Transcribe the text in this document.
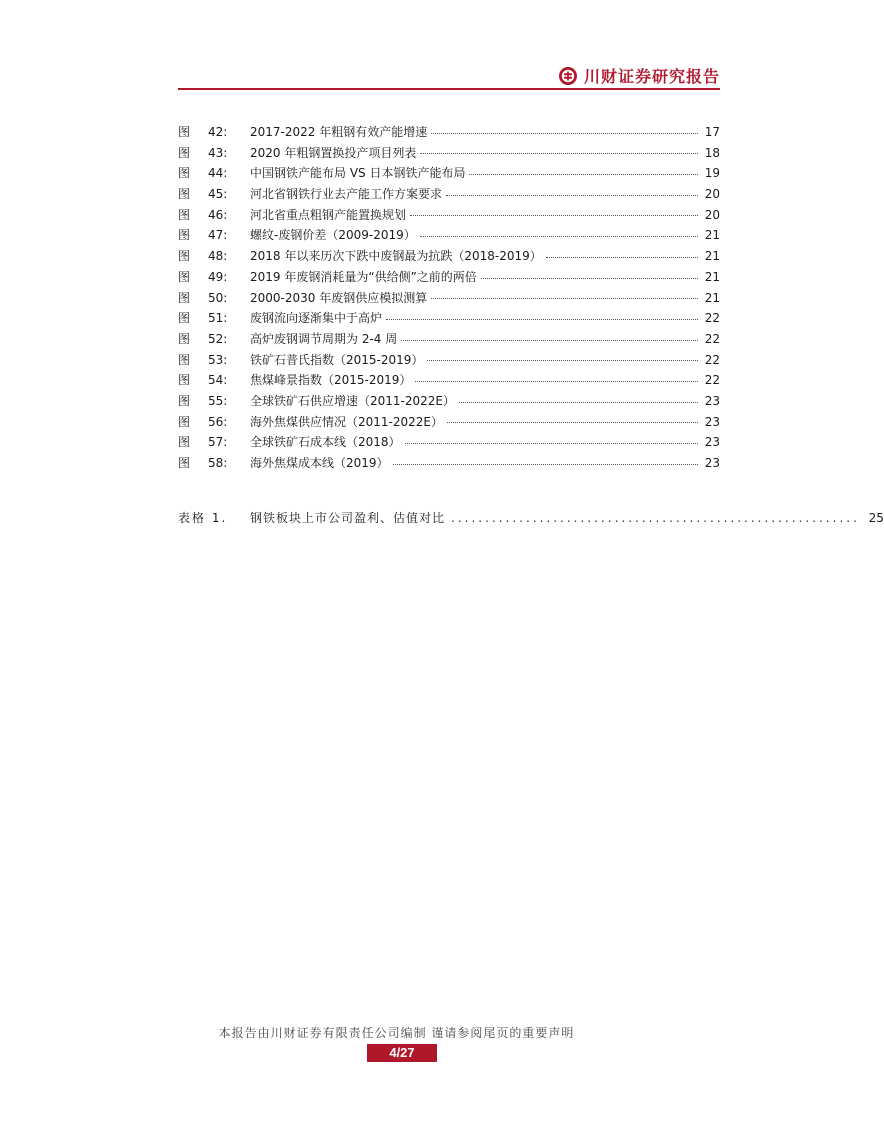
川财证券研究报告
图	42:	2017-2022 年粗钢有效产能增速	17
图	43:	2020 年粗钢置换投产项目列表	18
图	44:	中国钢铁产能布局 VS 日本钢铁产能布局	19
图	45:	河北省钢铁行业去产能工作方案要求	20
图	46:	河北省重点粗钢产能置换规划	20
图	47:	螺纹-废钢价差（2009-2019）	21
图	48:	2018 年以来历次下跌中废钢最为抗跌（2018-2019）	21
图	49:	2019 年废钢消耗量为“供给侧”之前的两倍	21
图	50:	2000-2030 年废钢供应模拟测算	21
图	51:	废钢流向逐渐集中于高炉	22
图	52:	高炉废钢调节周期为 2-4 周	22
图	53:	铁矿石普氏指数（2015-2019）	22
图	54:	焦煤峰景指数（2015-2019）	22
图	55:	全球铁矿石供应增速（2011-2022E）	23
图	56:	海外焦煤供应情况（2011-2022E）	23
图	57:	全球铁矿石成本线（2018）	23
图	58:	海外焦煤成本线（2019）	23
表格 1.	钢铁板块上市公司盈利、估值对比 ............................................................ 25
本报告由川财证券有限责任公司编制 谨请参阅尾页的重要声明
4/27
